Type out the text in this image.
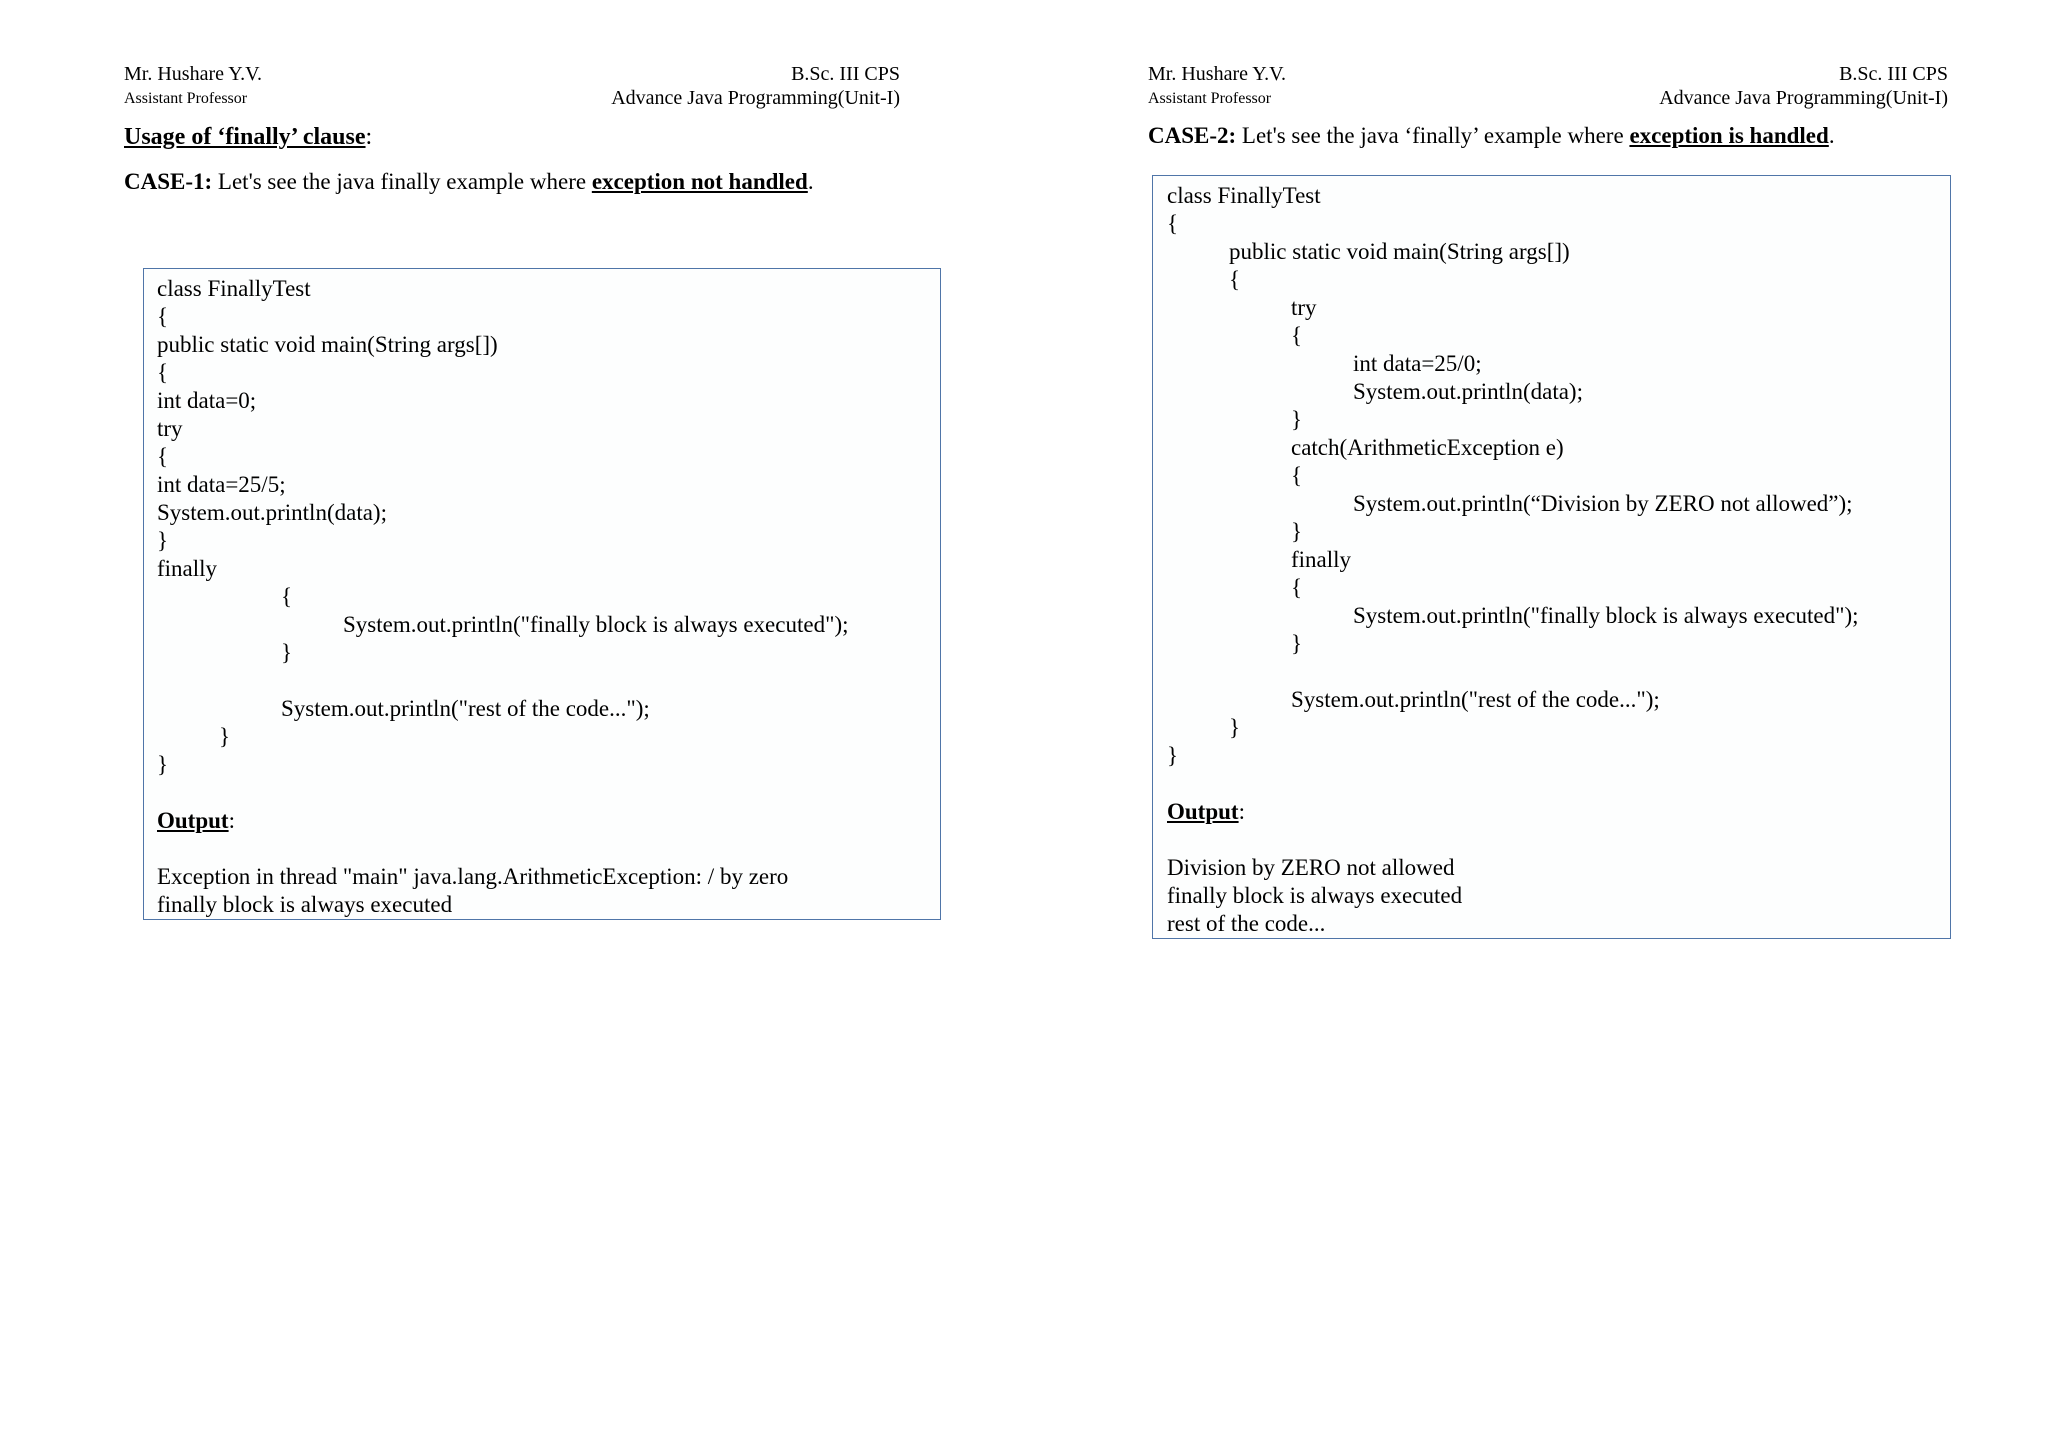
Mr. Hushare Y.V.
Assistant Professor
B.Sc. III CPS
Advance Java Programming(Unit-I)
Usage of ‘finally’ clause:
CASE-1: Let's see the java finally example where exception not handled.
class FinallyTest
{
public static void main(String args[])
{
int data=0;
try
{
int data=25/5;
System.out.println(data);
}
finally
{
System.out.println("finally block is always executed");
}
System.out.println("rest of the code...");
}
}
Output:
Exception in thread "main" java.lang.ArithmeticException: / by zero
finally block is always executed
Mr. Hushare Y.V.
Assistant Professor
B.Sc. III CPS
Advance Java Programming(Unit-I)
CASE-2: Let's see the java ‘finally’ example where exception is handled.
class FinallyTest
{
public static void main(String args[])
{
try
{
int data=25/0;
System.out.println(data);
}
catch(ArithmeticException e)
{
System.out.println(“Division by ZERO not allowed”);
}
finally
{
System.out.println("finally block is always executed");
}
System.out.println("rest of the code...");
}
}
Output:
Division by ZERO not allowed
finally block is always executed
rest of the code...
